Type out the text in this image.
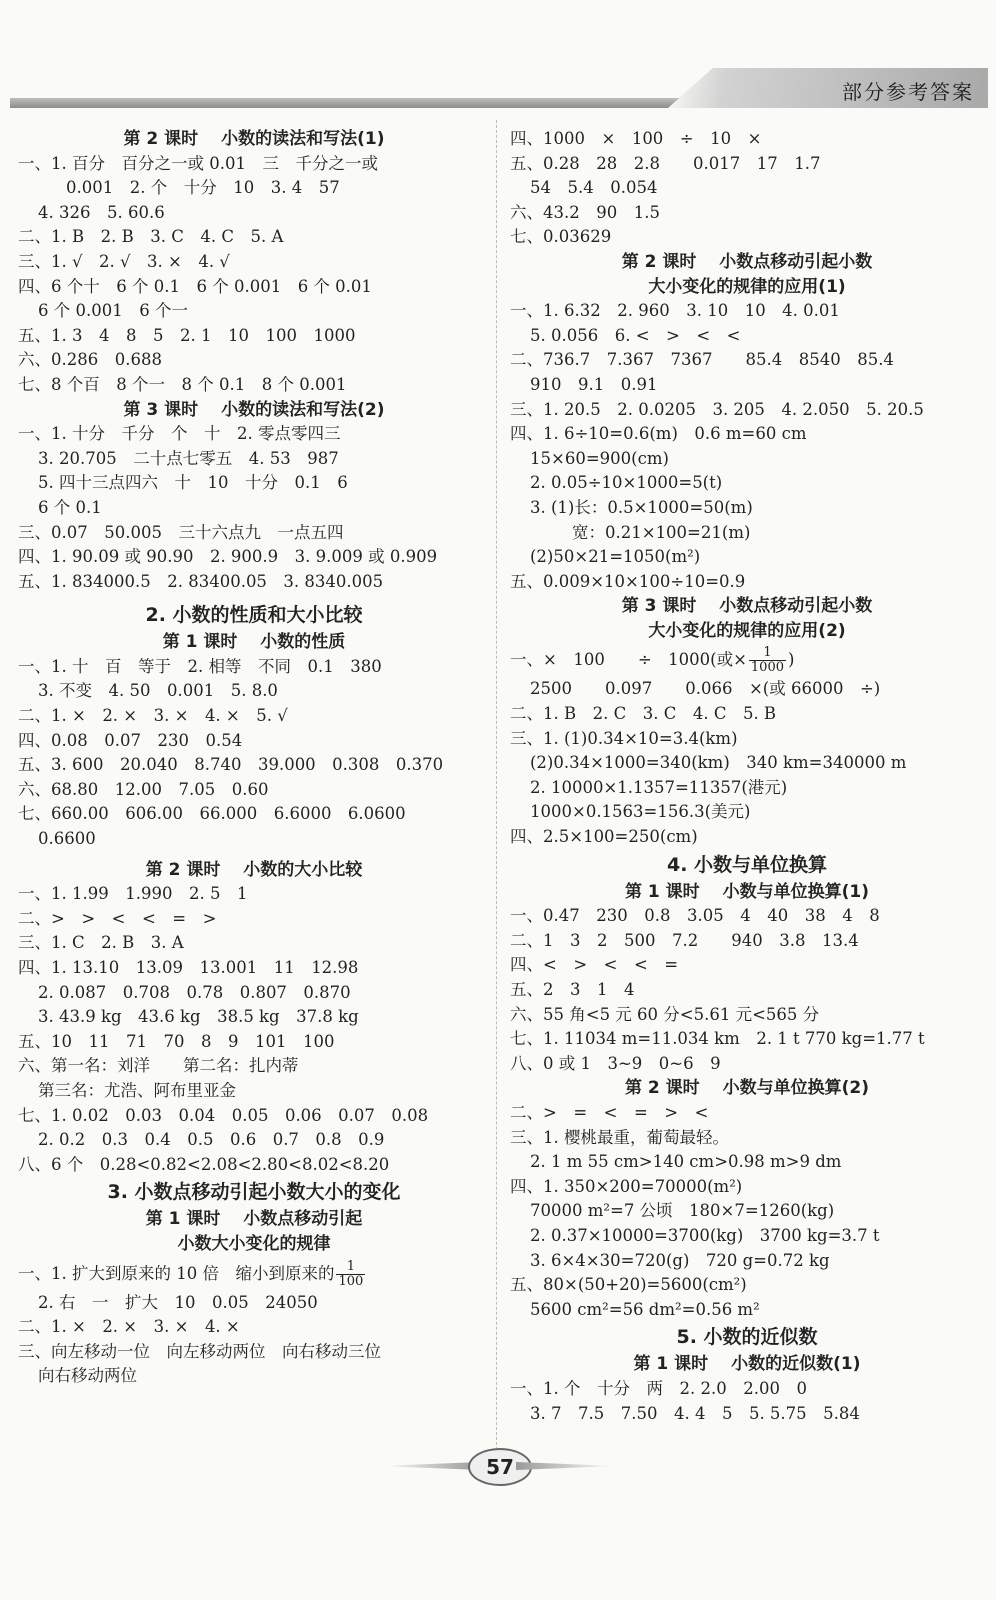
部分参考答案
第 2 课时　 小数的读法和写法(1)
一、1. 百分　百分之一或 0.01　三　千分之一或
0.001　2. 个　十分　10　3. 4　57
4. 326　5. 60.6
二、1. B　2. B　3. C　4. C　5. A
三、1. √　2. √　3. ×　4. √
四、6 个十　6 个 0.1　6 个 0.001　6 个 0.01
6 个 0.001　6 个一
五、1. 3　4　8　5　2. 1　10　100　1000
六、0.286　0.688
七、8 个百　8 个一　8 个 0.1　8 个 0.001
第 3 课时　 小数的读法和写法(2)
一、1. 十分　千分　个　十　2. 零点零四三
3. 20.705　二十点七零五　4. 53　987
5. 四十三点四六　十　10　十分　0.1　6
6 个 0.1
三、0.07　50.005　三十六点九　一点五四
四、1. 90.09 或 90.90　2. 900.9　3. 9.009 或 0.909
五、1. 834000.5　2. 83400.05　3. 8340.005
2. 小数的性质和大小比较
第 1 课时　 小数的性质
一、1. 十　百　等于　2. 相等　不同　0.1　380
3. 不变　4. 50　0.001　5. 8.0
二、1. ×　2. ×　3. ×　4. ×　5. √
四、0.08　0.07　230　0.54
五、3. 600　20.040　8.740　39.000　0.308　0.370
六、68.80　12.00　7.05　0.60
七、660.00　606.00　66.000　6.6000　6.0600
0.6600
第 2 课时　 小数的大小比较
一、1. 1.99　1.990　2. 5　1
二、>　>　<　<　=　>
三、1. C　2. B　3. A
四、1. 13.10　13.09　13.001　11　12.98
2. 0.087　0.708　0.78　0.807　0.870
3. 43.9 kg　43.6 kg　38.5 kg　37.8 kg
五、10　11　71　70　8　9　101　100
六、第一名：刘洋　　第二名：扎内蒂
第三名：尤浩、阿布里亚金
七、1. 0.02　0.03　0.04　0.05　0.06　0.07　0.08
2. 0.2　0.3　0.4　0.5　0.6　0.7　0.8　0.9
八、6 个　0.28<0.82<2.08<2.80<8.02<8.20
3. 小数点移动引起小数大小的变化
第 1 课时　 小数点移动引起
小数大小变化的规律
一、1. 扩大到原来的 10 倍　缩小到原来的 $\frac{1}{100}$
2. 右　一　扩大　10　0.05　24050
二、1. ×　2. ×　3. ×　4. ×
三、向左移动一位　向左移动两位　向右移动三位
向右移动两位
四、1000　×　100　÷　10　×
五、0.28　28　2.8　　0.017　17　1.7
54　5.4　0.054
六、43.2　90　1.5
七、0.03629
第 2 课时　 小数点移动引起小数
大小变化的规律的应用(1)
一、1. 6.32　2. 960　3. 10　10　4. 0.01
5. 0.056　6. <　>　<　<
二、736.7　7.367　7367　　85.4　8540　85.4
910　9.1　0.91
三、1. 20.5　2. 0.0205　3. 205　4. 2.050　5. 20.5
四、1. 6÷10=0.6(m)　0.6 m=60 cm
15×60=900(cm)
2. 0.05÷10×1000=5(t)
3. (1)长：0.5×1000=50(m)
宽：0.21×100=21(m)
(2)50×21=1050(m²)
五、0.009×10×100÷10=0.9
第 3 课时　 小数点移动引起小数
大小变化的规律的应用(2)
一、×　100　　÷　1000(或× $\frac{1}{1000}$ )
2500　　0.097　　0.066　×(或 66000　÷)
二、1. B　2. C　3. C　4. C　5. B
三、1. (1)0.34×10=3.4(km)
(2)0.34×1000=340(km)　340 km=340000 m
2. 10000×1.1357=11357(港元)
1000×0.1563=156.3(美元)
四、2.5×100=250(cm)
4. 小数与单位换算
第 1 课时　 小数与单位换算(1)
一、0.47　230　0.8　3.05　4　40　38　4　8
二、1　3　2　500　7.2　　940　3.8　13.4
四、<　>　<　<　=
五、2　3　1　4
六、55 角<5 元 60 分<5.61 元<565 分
七、1. 11034 m=11.034 km　2. 1 t 770 kg=1.77 t
八、0 或 1　3~9　0~6　9
第 2 课时　 小数与单位换算(2)
二、>　=　<　=　>　<
三、1. 樱桃最重，葡萄最轻。
2. 1 m 55 cm>140 cm>0.98 m>9 dm
四、1. 350×200=70000(m²)
70000 m²=7 公顷　180×7=1260(kg)
2. 0.37×10000=3700(kg)　3700 kg=3.7 t
3. 6×4×30=720(g)　720 g=0.72 kg
五、80×(50+20)=5600(cm²)
5600 cm²=56 dm²=0.56 m²
5. 小数的近似数
第 1 课时　 小数的近似数(1)
一、1. 个　十分　两　2. 2.0　2.00　0
3. 7　7.5　7.50　4. 4　5　5. 5.75　5.84
57
